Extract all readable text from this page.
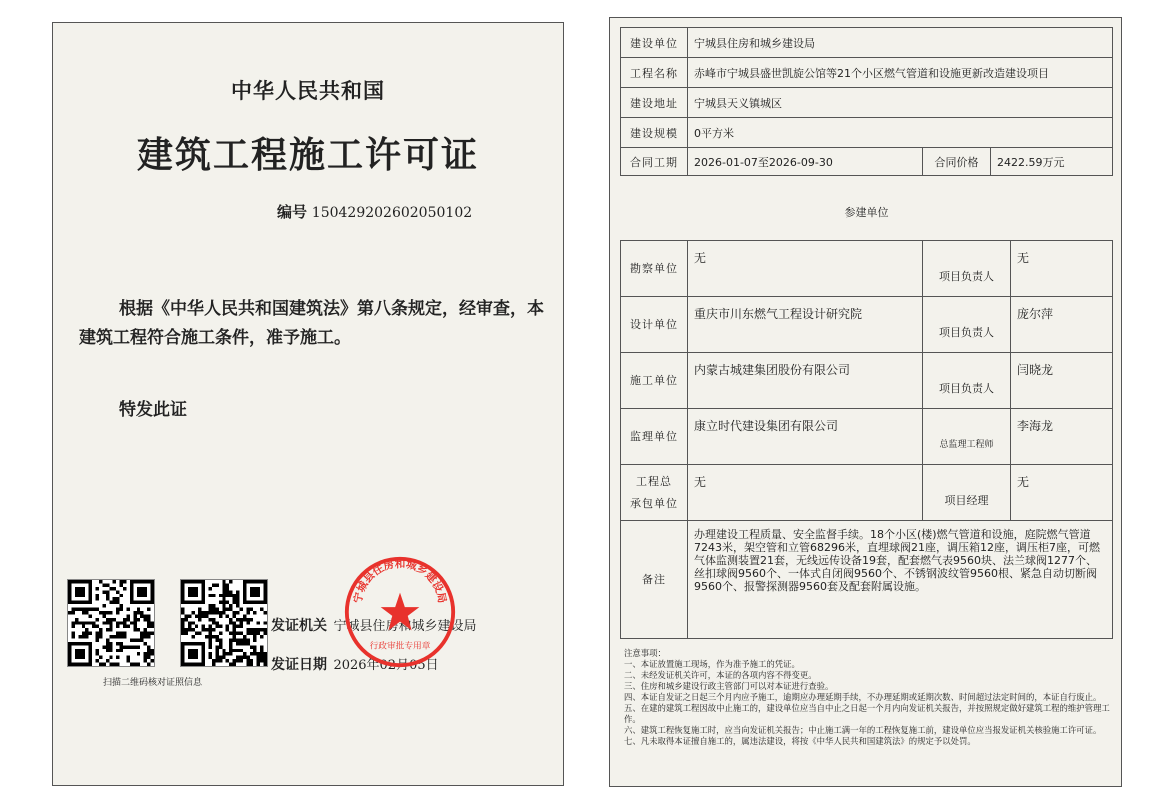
中华人民共和国
建筑工程施工许可证
编号 150429202602050102
根据《中华人民共和国建筑法》第八条规定，经审查，本建筑工程符合施工条件，准予施工。
特发此证
扫描二维码核对证照信息
发证机关 宁城县住房和城乡建设局
发证日期 2026年02月05日
宁城县住房和城乡建设局
行政审批专用章
建设单位	宁城县住房和城乡建设局		
工程名称	赤峰市宁城县盛世凯旋公馆等21个小区燃气管道和设施更新改造建设项目		
建设地址	宁城县天义镇城区		
建设规模	0平方米		
合同工期	2026-01-07至2026-09-30	合同价格	2422.59万元
参建单位
勘察单位	无	项目负责人	无
设计单位	重庆市川东燃气工程设计研究院	项目负责人	庞尔萍
施工单位	内蒙古城建集团股份有限公司	项目负责人	闫晓龙
监理单位	康立时代建设集团有限公司	总监理工程师	李海龙

工程总
承包单位	无	项目经理	无
备注	办理建设工程质量、安全监督手续。18个小区(楼)燃气管道和设施，庭院燃气管道7243米，架空管和立管68296米，直埋球阀21座，调压箱12座，调压柜7座，可燃气体监测装置21套，无线远传设备19套，配套燃气表9560块、法兰球阀1277个、丝扣球阀9560个、一体式自闭阀9560个、不锈钢波纹管9560根、紧急自动切断阀9560个、报警探测器9560套及配套附属设施。		
注意事项：
一、本证放置施工现场，作为准予施工的凭证。
二、未经发证机关许可，本证的各项内容不得变更。
三、住房和城乡建设行政主管部门可以对本证进行查验。
四、本证自发证之日起三个月内应予施工，逾期应办理延期手续，不办理延期或延期次数、时间超过法定时间的，本证自行废止。
五、在建的建筑工程因故中止施工的，建设单位应当自中止之日起一个月内向发证机关报告，并按照规定做好建筑工程的维护管理工作。
六、建筑工程恢复施工时，应当向发证机关报告；中止施工满一年的工程恢复施工前，建设单位应当报发证机关核验施工许可证。
七、凡未取得本证擅自施工的，属违法建设，将按《中华人民共和国建筑法》的规定予以处罚。
